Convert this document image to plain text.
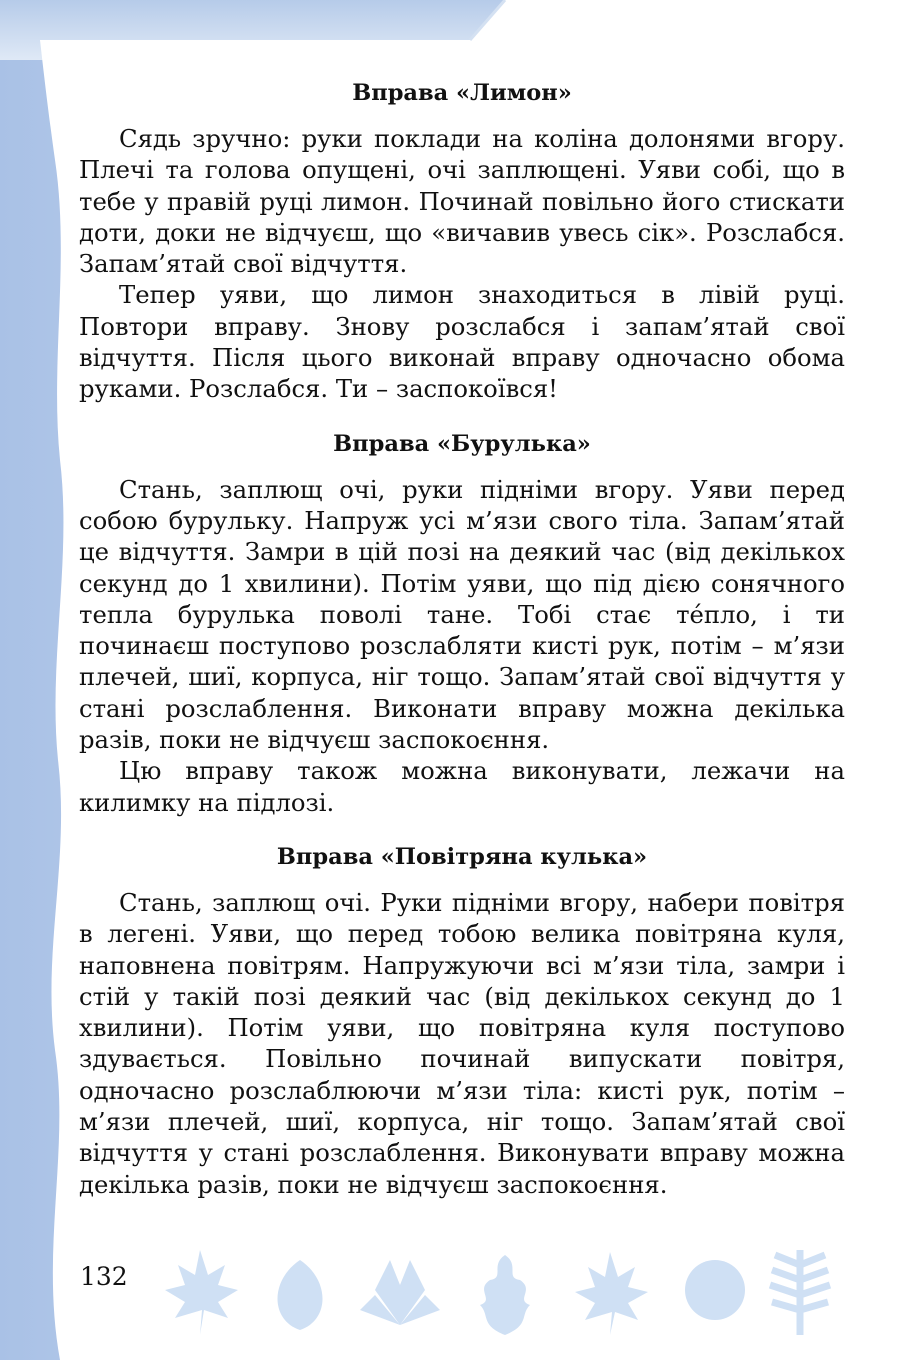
Вправа «Лимон»

Сядь зручно: руки поклади на коліна долонями вгору. Плечі та голова опущені, очі заплющені. Уяви собі, що в тебе у правій руці лимон. Починай повільно його стискати доти, доки не відчуєш, що «вичавив увесь сік». Розслабся. Запам’ятай свої відчуття.

Тепер уяви, що лимон знаходиться в лівій руці. Повтори вправу. Знову розслабся і запам’ятай свої відчуття. Після цього виконай вправу одночасно обома руками. Розслабся. Ти – заспокоївся!

Вправа «Бурулька»

Стань, заплющ очі, руки підніми вгору. Уяви перед собою бурульку. Напруж усі м’язи свого тіла. Запам’ятай це відчуття. Замри в цій позі на деякий час (від декількох секунд до 1 хвилини). Потім уяви, що під дією сонячного тепла бурулька поволі тане. Тобі стає те́пло, і ти починаєш поступово розслабляти кисті рук, потім – м’язи плечей, шиї, корпуса, ніг тощо. Запам’ятай свої відчуття у стані розслаблення. Виконати вправу можна декілька разів, поки не відчуєш заспокоєння.

Цю вправу також можна виконувати, лежачи на килимку на підлозі.

Вправа «Повітряна кулька»

Стань, заплющ очі. Руки підніми вгору, набери повітря в легені. Уяви, що перед тобою велика повітряна куля, наповнена повітрям. Напружуючи всі м’язи тіла, замри і стій у такій позі деякий час (від декількох секунд до 1 хвилини). Потім уяви, що повітряна куля поступово здувається. Повільно починай випускати повітря, одночасно розслаблюючи м’язи тіла: кисті рук, потім – м’язи плечей, шиї, корпуса, ніг тощо. Запам’ятай свої відчуття у стані розслаблення. Виконувати вправу можна декілька разів, поки не відчуєш заспокоєння.

132
